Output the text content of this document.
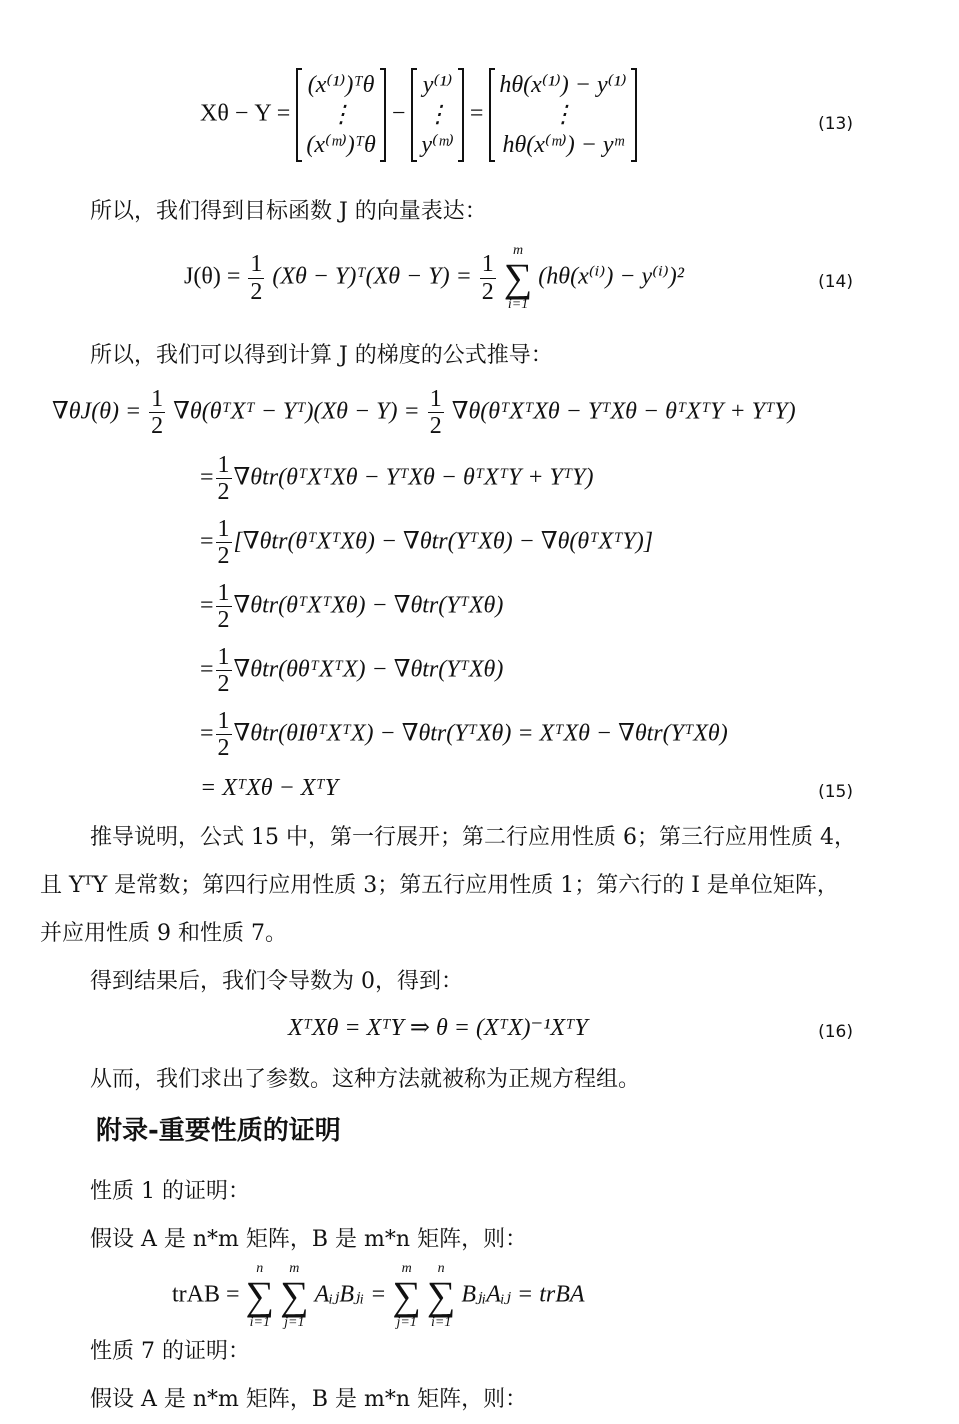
Xθ − Y =
(x⁽¹⁾)ᵀθ
⋮
(x⁽ᵐ⁾)ᵀθ
−
y⁽¹⁾
⋮
y⁽ᵐ⁾
=
hθ(x⁽¹⁾) − y⁽¹⁾
⋮
hθ(x⁽ᵐ⁾) − yᵐ
(13)
所以，我们得到目标函数 J 的向量表达：
$J(\theta) = \frac{1}{2} (X\theta$ − Y)ᵀ(Xθ − $Y) = \frac{1}{2}$

m
∑
i=1
(hθ(x⁽ⁱ⁾) − y⁽ⁱ⁾)²	(14)
所以，我们可以得到计算 J 的梯度的公式推导：
$\nabla\theta J(\theta) = \frac{1}{2}$ ∇θ(θᵀXᵀ − Yᵀ)(Xθ − $Y) = \frac{1}{2}$ ∇θ(θᵀXᵀXθ − YᵀXθ − θᵀXᵀY + YᵀY)
= $\frac{1}{2}$ ∇θtr(θᵀXᵀXθ − YᵀXθ − θᵀXᵀY + YᵀY)
= $\frac{1}{2}$ [∇θtr(θᵀXᵀXθ) − ∇θtr(YᵀXθ) − ∇θ(θᵀXᵀY)]
= $\frac{1}{2}$ ∇θtr(θᵀXᵀXθ) − ∇θtr(YᵀXθ)
= $\frac{1}{2}$ ∇θtr(θθᵀXᵀX) − ∇θtr(YᵀXθ)
= $\frac{1}{2}$ ∇θtr(θIθᵀXᵀX) − ∇θtr(YᵀXθ) = XᵀXθ − ∇θtr(YᵀXθ)
= XᵀXθ − XᵀY	(15)
推导说明，公式 15 中，第一行展开；第二行应用性质 6；第三行应用性质 4，
且 YᵀY 是常数；第四行应用性质 3；第五行应用性质 1；第六行的 I 是单位矩阵，
并应用性质 9 和性质 7。
得到结果后，我们令导数为 0，得到：
XᵀXθ = XᵀY ⇒ θ = (XᵀX)⁻¹XᵀY	(16)
从而，我们求出了参数。这种方法就被称为正规方程组。
附录-重要性质的证明
性质 1 的证明：
假设 A 是 n*m 矩阵，B 是 m*n 矩阵，则：
trAB =
n
∑
i=1

m
∑
j=1
AᵢⱼBⱼᵢ =
m
∑
j=1

n
∑
i=1
BⱼᵢAᵢⱼ = trBA
性质 7 的证明：
假设 A 是 n*m 矩阵，B 是 m*n 矩阵，则：
